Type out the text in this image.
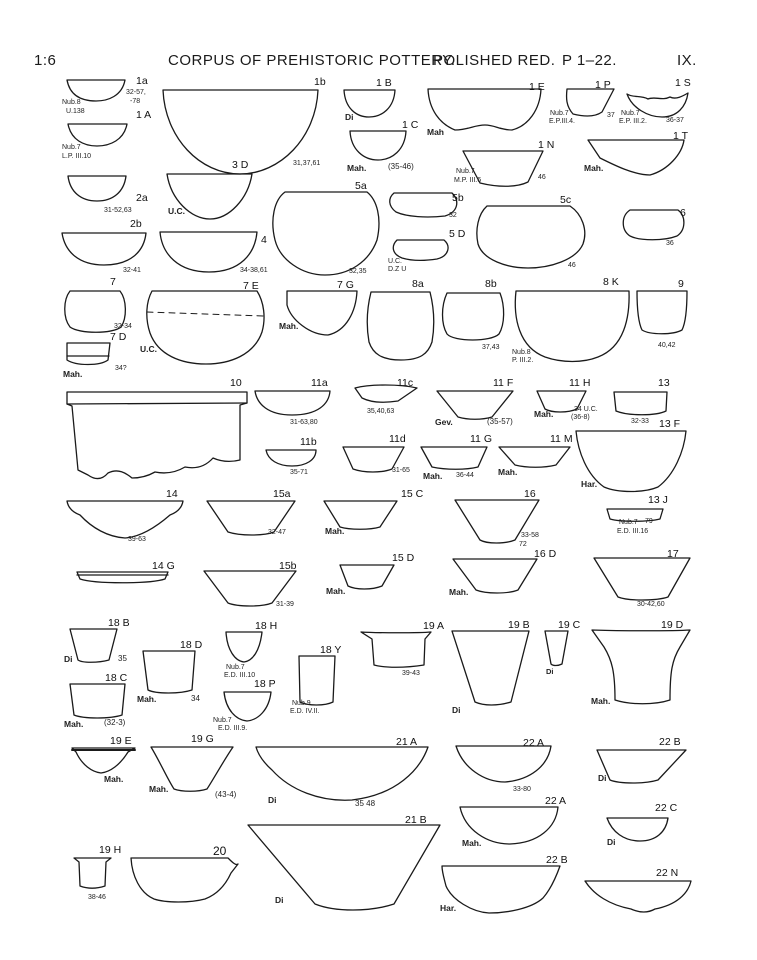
1:6	CORPUS OF PREHISTORIC POTTERY.
POLISHED RED. P 1–22.	IX.
1a
32-57,
-78
Nub.8
U.138	1 A
Nub.7
L.P. III.10
1b
31,37,61
1 B
Di
1 C
(35-46)
Mah.
1 E
Mah
1 P
37
Nub.7
E.P.III.4.
1 S
36-37
Nub.7
E.P. III.2.
1 N
46
Nub.7
M.P. III.6
1 T
Mah.
2a
31-52,63
2b
32-41
3 D
U.C.
4
34-38,61
5a
32,35
5b
32
5 D
U.C.
D.Z U
5c
46
6
36
7
32-34
7 D
34?
Mah.
7 E
U.C.
7 G
Mah.
8a	8b
37,43
8 K
Nub.8
P. III.2.
9
40,42
10	11a
31-63,80
11c
35,40,63
11 F
(35-57)
Gev.
11 H
34 U.C.
(36-8)
Mah.
13
32-33
11b
35-71
11d
31-65
11 G
36-44
Mah.
11 M
Mah.
13 F
Har.
14
39-63
15a
32-47
15 C
Mah.
16
33-58
72
13 J
79
Nub.7
E.D. III.16
14 G	15b
31-39
15 D
Mah.
16 D
Mah.
17
30-42,60
18 B
35
Di
18 D
34
Mah.
18 H
Nub.7
E.D. III.10
18 Y
Nub.9
E.D. IV.II.
19 A
39-43
19 B
Di
19 C
Di
19 D
Mah.
18 C
(32-3)
Mah.
18 P
Nub.7
E.D. III.9.
19 E
Mah.
19 G
(43-4)
Mah.
21 A
35 48
Di
22 A
33-80
22 B
Di
22 A
Mah.
22 C
Di
19 H
38-46
20
21 B
Di
22 B
Har.
22 N
